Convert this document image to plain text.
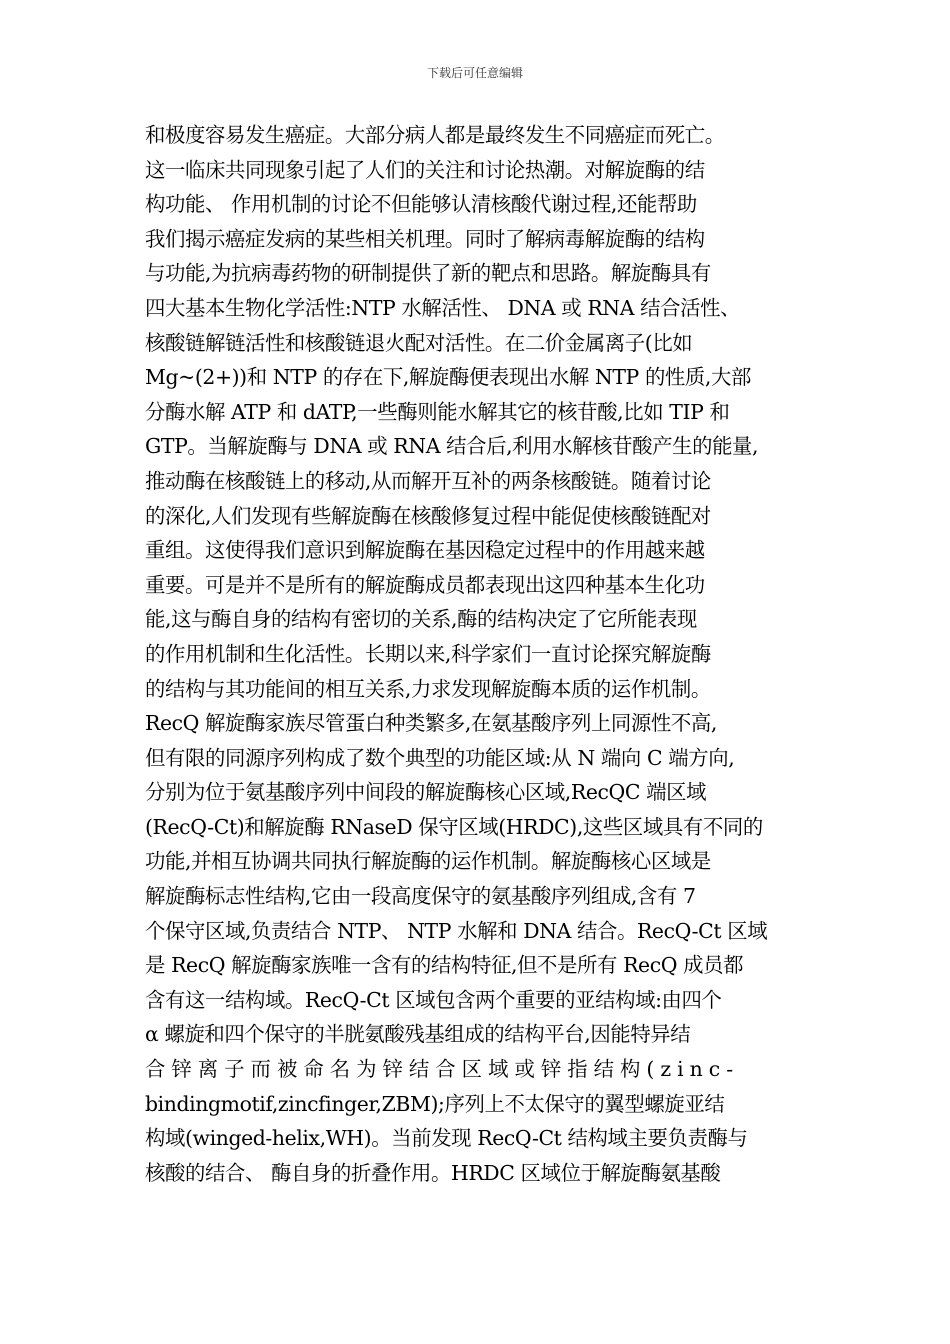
下载后可任意编辑
和极度容易发生癌症。大部分病人都是最终发生不同癌症而死亡。
这一临床共同现象引起了人们的关注和讨论热潮。对解旋酶的结
构功能、 作用机制的讨论不但能够认清核酸代谢过程,还能帮助
我们揭示癌症发病的某些相关机理。同时了解病毒解旋酶的结构
与功能,为抗病毒药物的研制提供了新的靶点和思路。解旋酶具有
四大基本生物化学活性:NTP 水解活性、 DNA 或 RNA 结合活性、
核酸链解链活性和核酸链退火配对活性。在二价金属离子(比如
Mg~(2+))和 NTP 的存在下,解旋酶便表现出水解 NTP 的性质,大部
分酶水解 ATP 和 dATP,一些酶则能水解其它的核苷酸,比如 TIP 和
GTP。当解旋酶与 DNA 或 RNA 结合后,利用水解核苷酸产生的能量,
推动酶在核酸链上的移动,从而解开互补的两条核酸链。随着讨论
的深化,人们发现有些解旋酶在核酸修复过程中能促使核酸链配对
重组。这使得我们意识到解旋酶在基因稳定过程中的作用越来越
重要。可是并不是所有的解旋酶成员都表现出这四种基本生化功
能,这与酶自身的结构有密切的关系,酶的结构决定了它所能表现
的作用机制和生化活性。长期以来,科学家们一直讨论探究解旋酶
的结构与其功能间的相互关系,力求发现解旋酶本质的运作机制。
RecQ 解旋酶家族尽管蛋白种类繁多,在氨基酸序列上同源性不高,
但有限的同源序列构成了数个典型的功能区域:从 N 端向 C 端方向,
分别为位于氨基酸序列中间段的解旋酶核心区域,RecQC 端区域
(RecQ-Ct)和解旋酶 RNaseD 保守区域(HRDC),这些区域具有不同的
功能,并相互协调共同执行解旋酶的运作机制。解旋酶核心区域是
解旋酶标志性结构,它由一段高度保守的氨基酸序列组成,含有 7
个保守区域,负责结合 NTP、 NTP 水解和 DNA 结合。RecQ-Ct 区域
是 RecQ 解旋酶家族唯一含有的结构特征,但不是所有 RecQ 成员都
含有这一结构域。RecQ-Ct 区域包含两个重要的亚结构域:由四个
α 螺旋和四个保守的半胱氨酸残基组成的结构平台,因能特异结
合锌离子而被命名为锌结合区域或锌指结构(zinc-
bindingmotif,zincfinger,ZBM);序列上不太保守的翼型螺旋亚结
构域(winged-helix,WH)。当前发现 RecQ-Ct 结构域主要负责酶与
核酸的结合、 酶自身的折叠作用。HRDC 区域位于解旋酶氨基酸
